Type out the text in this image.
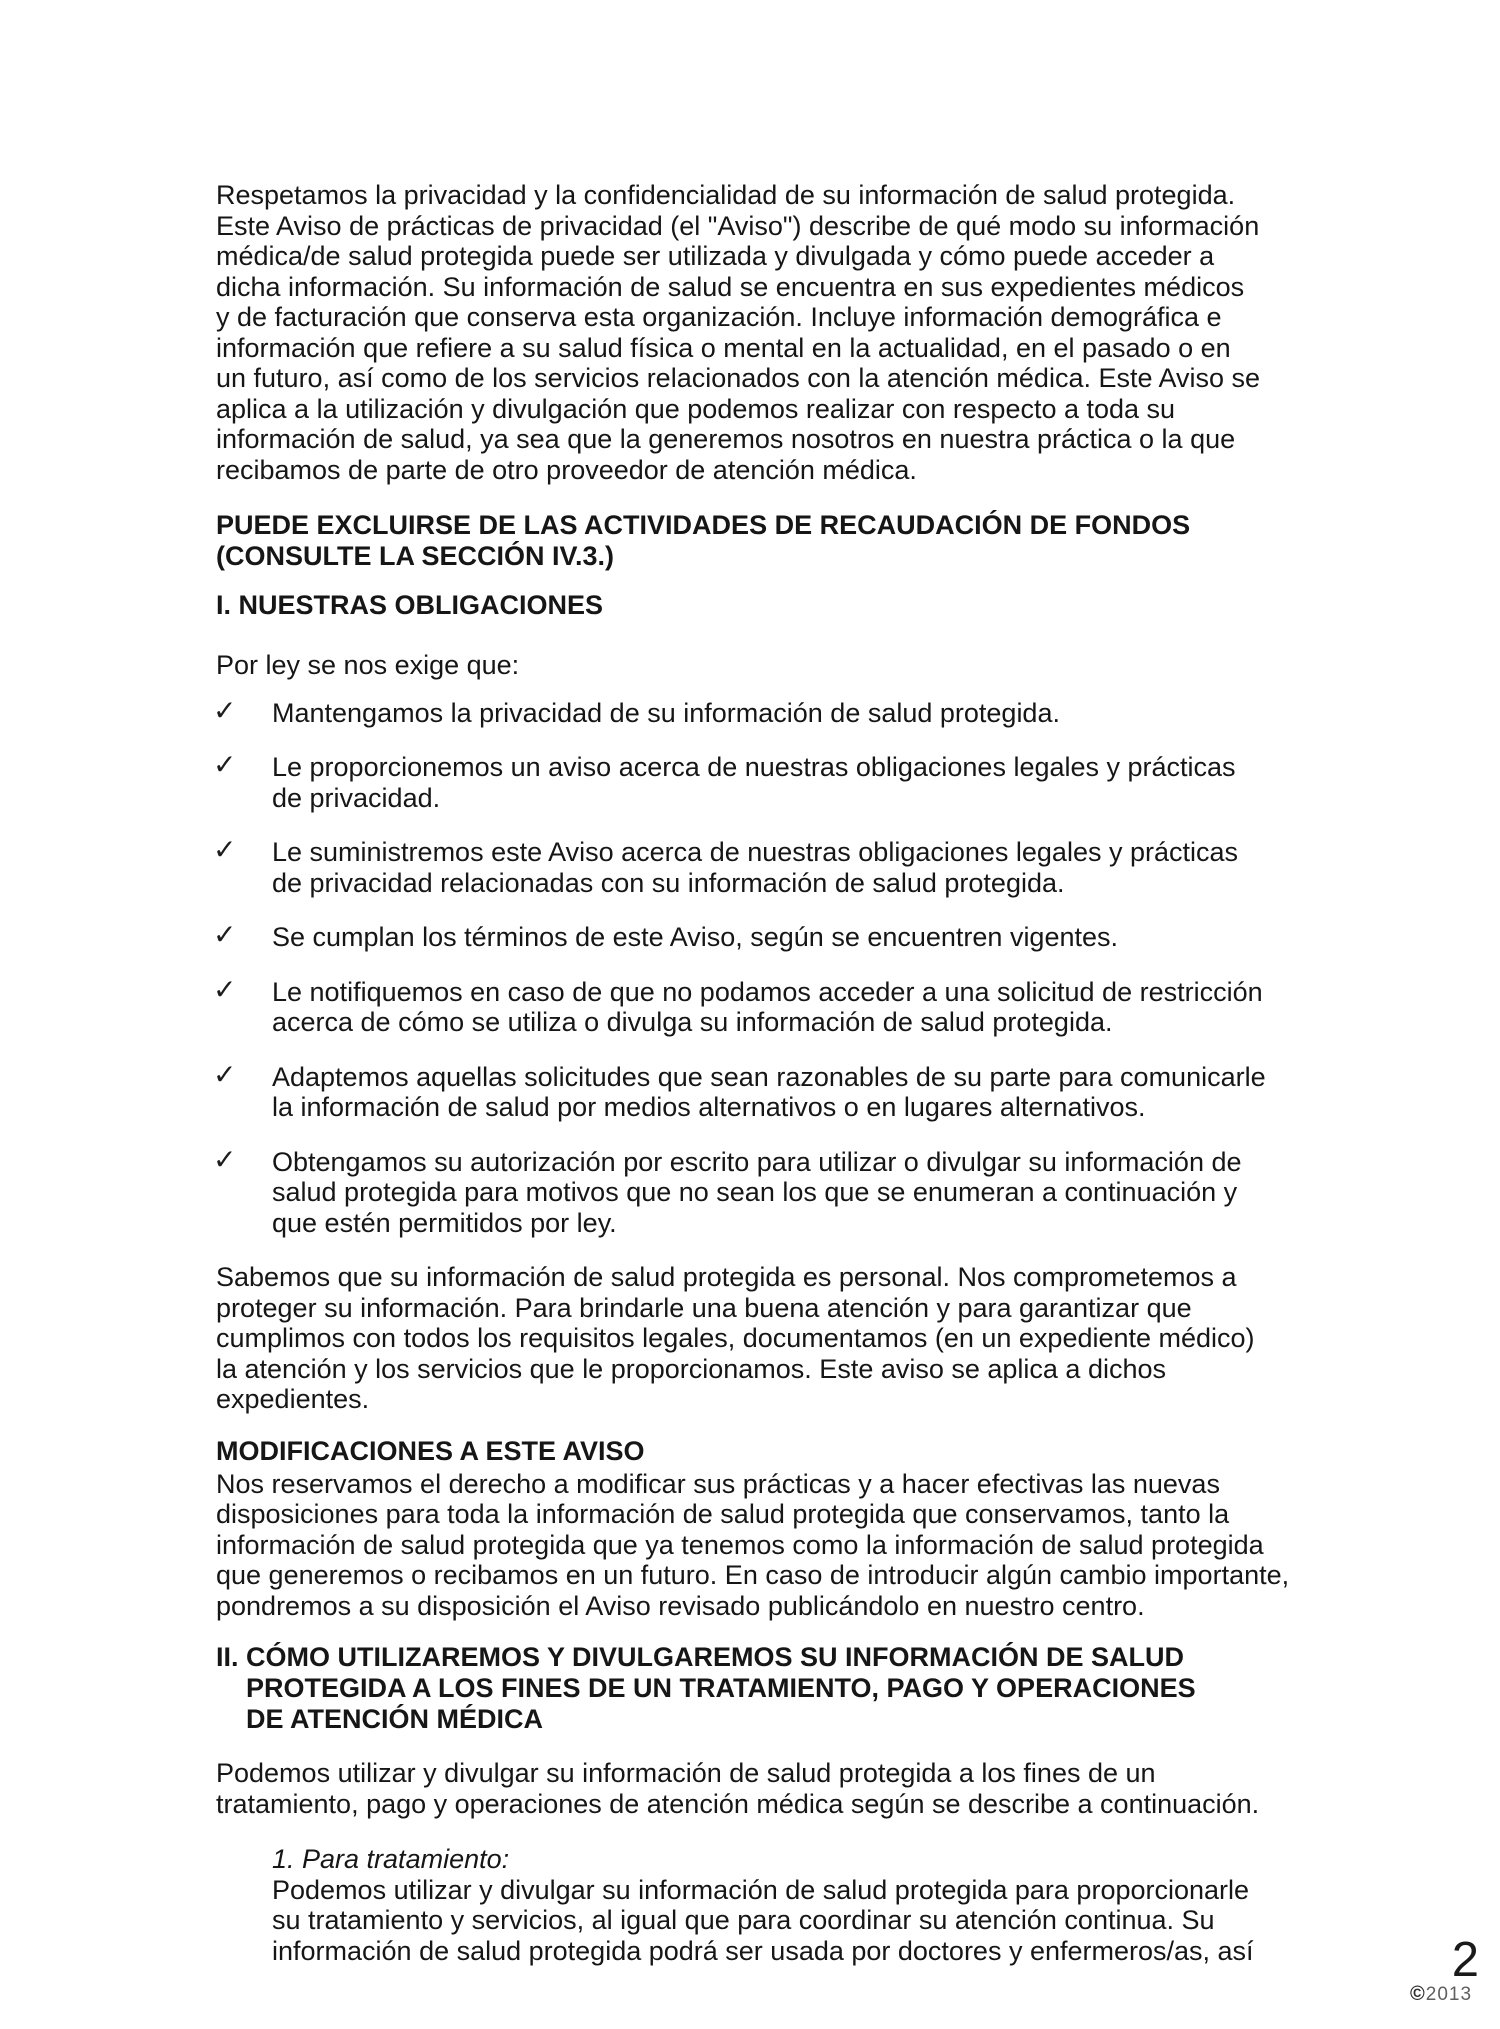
Respetamos la privacidad y la confidencialidad de su información de salud protegida.
Este Aviso de prácticas de privacidad (el "Aviso") describe de qué modo su información
médica/de salud protegida puede ser utilizada y divulgada y cómo puede acceder a
dicha información. Su información de salud se encuentra en sus expedientes médicos
y de facturación que conserva esta organización. Incluye información demográfica e
información que refiere a su salud física o mental en la actualidad, en el pasado o en
un futuro, así como de los servicios relacionados con la atención médica. Este Aviso se
aplica a la utilización y divulgación que podemos realizar con respecto a toda su
información de salud, ya sea que la generemos nosotros en nuestra práctica o la que
recibamos de parte de otro proveedor de atención médica.
PUEDE EXCLUIRSE DE LAS ACTIVIDADES DE RECAUDACIÓN DE FONDOS
(CONSULTE LA SECCIÓN IV.3.)
I. NUESTRAS OBLIGACIONES
Por ley se nos exige que:
✓ Mantengamos la privacidad de su información de salud protegida.
✓ Le proporcionemos un aviso acerca de nuestras obligaciones legales y prácticas
de privacidad.
✓ Le suministremos este Aviso acerca de nuestras obligaciones legales y prácticas
de privacidad relacionadas con su información de salud protegida.
✓ Se cumplan los términos de este Aviso, según se encuentren vigentes.
✓ Le notifiquemos en caso de que no podamos acceder a una solicitud de restricción
acerca de cómo se utiliza o divulga su información de salud protegida.
✓ Adaptemos aquellas solicitudes que sean razonables de su parte para comunicarle
la información de salud por medios alternativos o en lugares alternativos.
✓ Obtengamos su autorización por escrito para utilizar o divulgar su información de
salud protegida para motivos que no sean los que se enumeran a continuación y
que estén permitidos por ley.
Sabemos que su información de salud protegida es personal. Nos comprometemos a
proteger su información. Para brindarle una buena atención y para garantizar que
cumplimos con todos los requisitos legales, documentamos (en un expediente médico)
la atención y los servicios que le proporcionamos. Este aviso se aplica a dichos
expedientes.
MODIFICACIONES A ESTE AVISO
Nos reservamos el derecho a modificar sus prácticas y a hacer efectivas las nuevas
disposiciones para toda la información de salud protegida que conservamos, tanto la
información de salud protegida que ya tenemos como la información de salud protegida
que generemos o recibamos en un futuro. En caso de introducir algún cambio importante,
pondremos a su disposición el Aviso revisado publicándolo en nuestro centro.
II. CÓMO UTILIZAREMOS Y DIVULGAREMOS SU INFORMACIÓN DE SALUD
PROTEGIDA A LOS FINES DE UN TRATAMIENTO, PAGO Y OPERACIONES
DE ATENCIÓN MÉDICA
Podemos utilizar y divulgar su información de salud protegida a los fines de un
tratamiento, pago y operaciones de atención médica según se describe a continuación.
1. Para tratamiento:
Podemos utilizar y divulgar su información de salud protegida para proporcionarle
su tratamiento y servicios, al igual que para coordinar su atención continua. Su
información de salud protegida podrá ser usada por doctores y enfermeros/as, así	2
©2013
